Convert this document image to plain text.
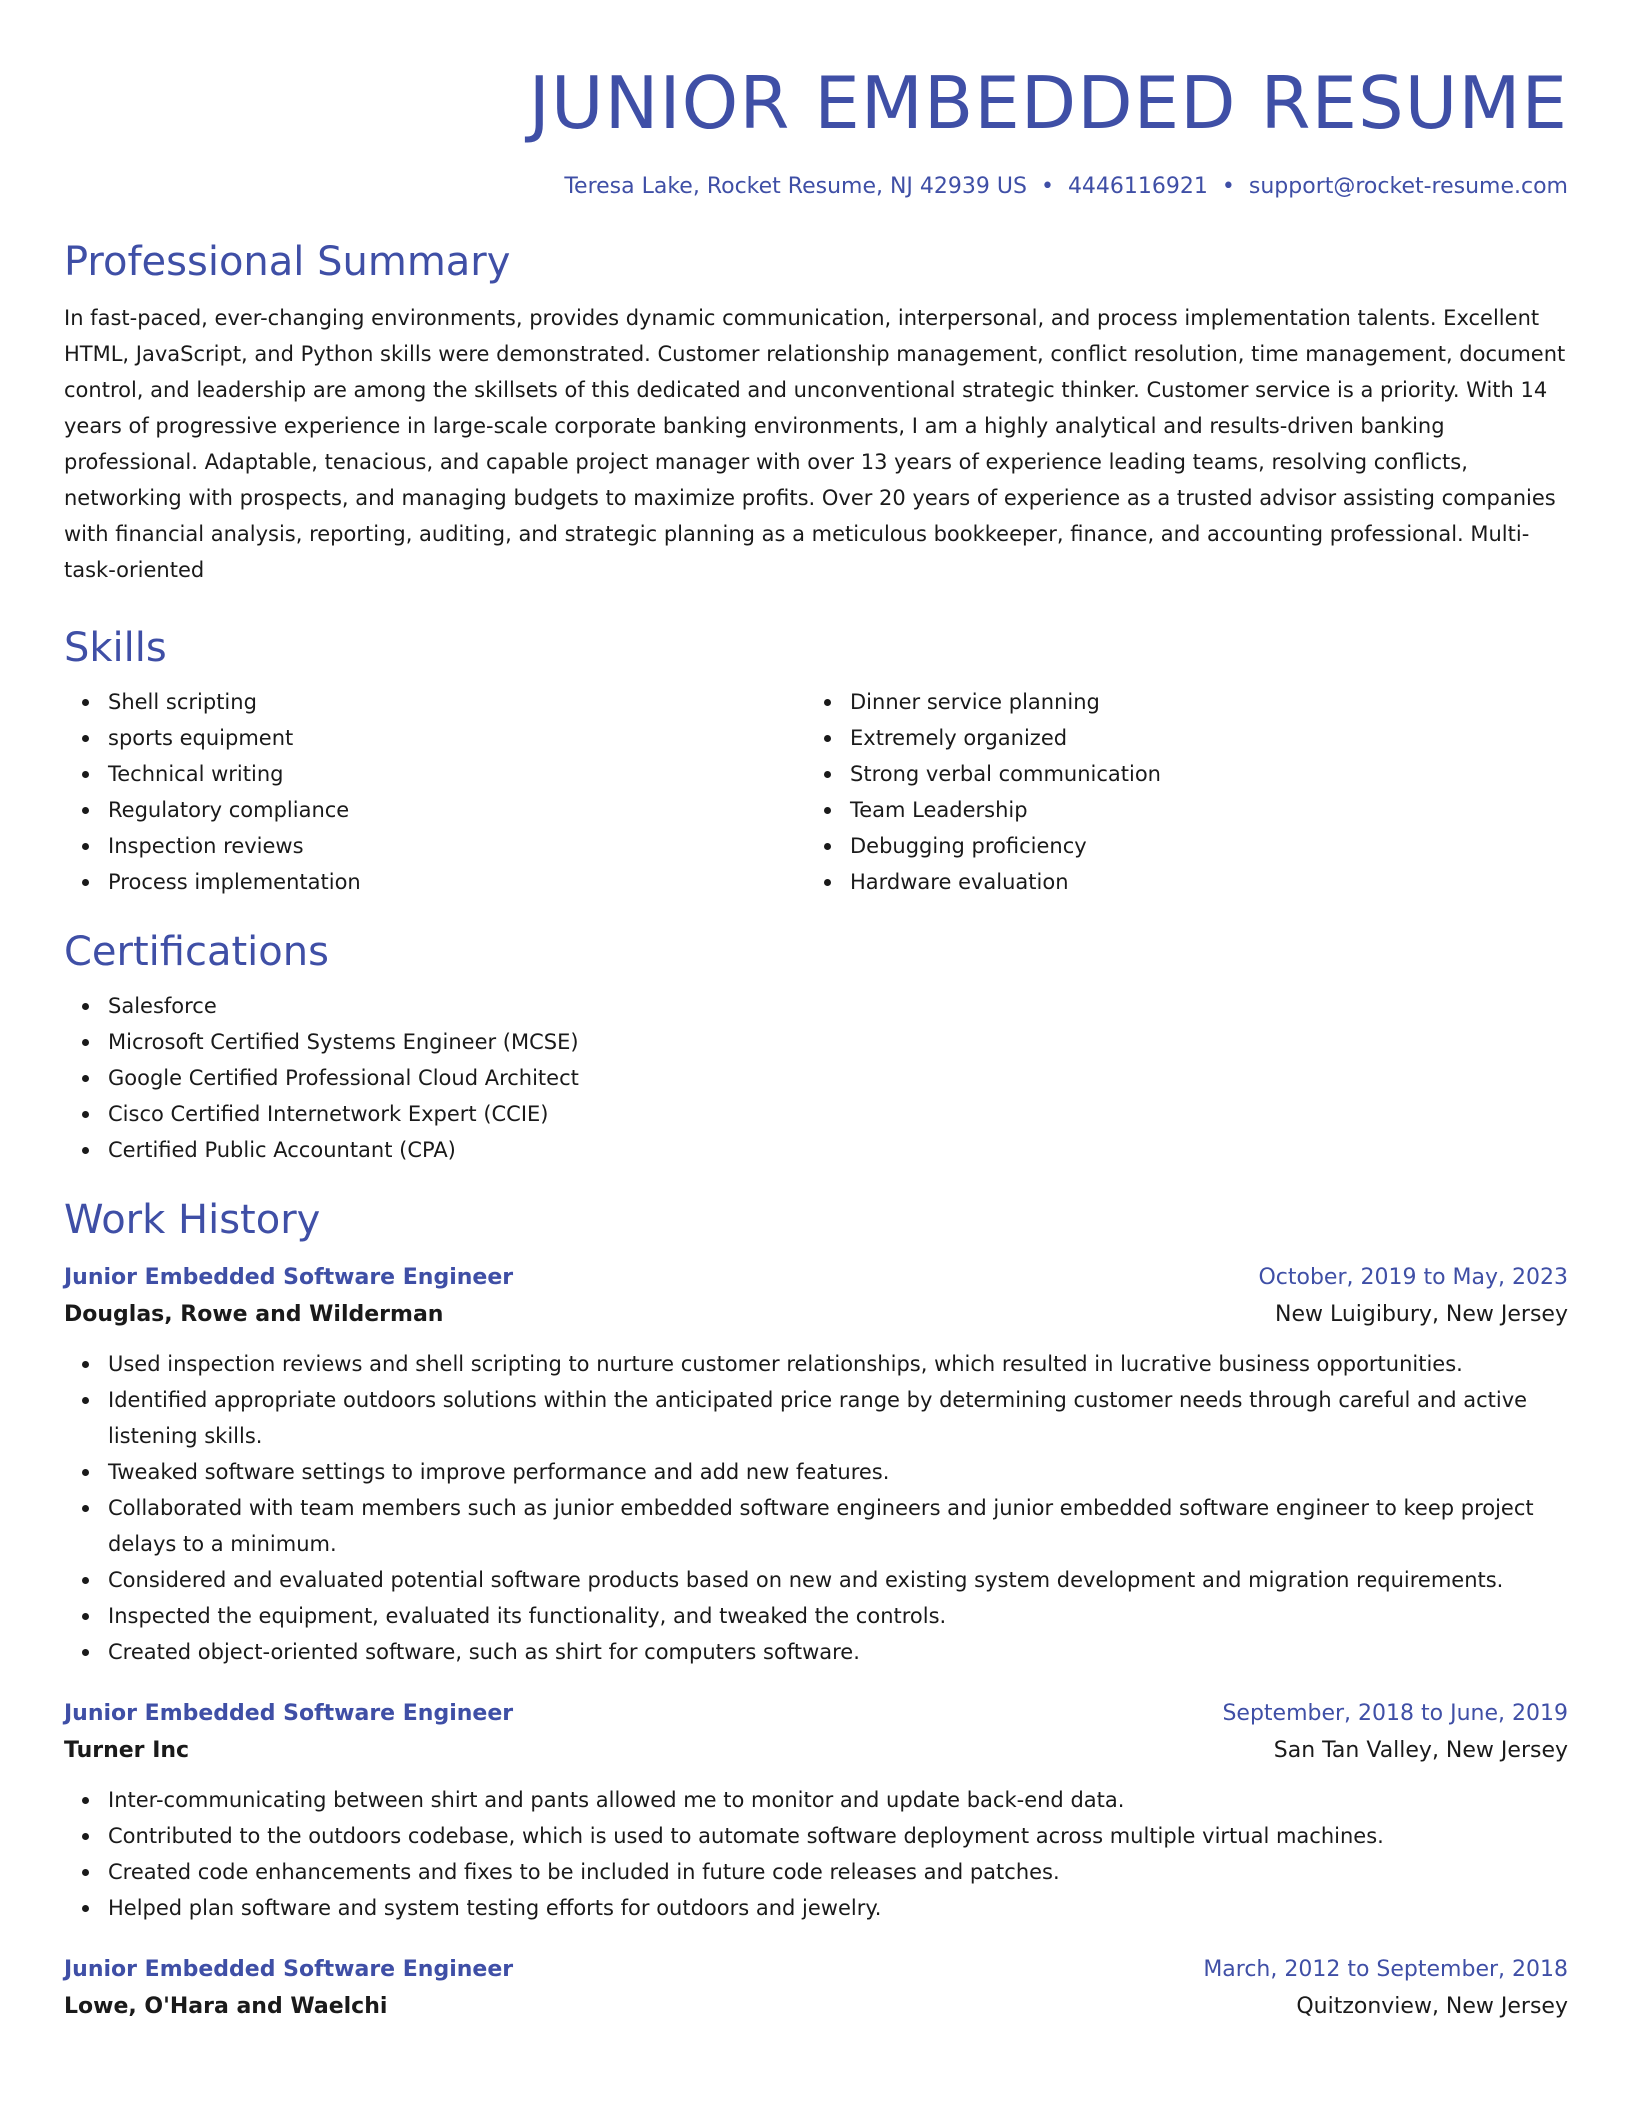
JUNIOR EMBEDDED RESUME
Teresa Lake, Rocket Resume, NJ 42939 US • 4446116921 • support@rocket-resume.com
Professional Summary

In fast-paced, ever-changing environments, provides dynamic communication, interpersonal, and process implementation talents. Excellent HTML, JavaScript, and Python skills were demonstrated. Customer relationship management, conflict resolution, time management, document control, and leadership are among the skillsets of this dedicated and unconventional strategic thinker. Customer service is a priority. With 14 years of progressive experience in large-scale corporate banking environments, I am a highly analytical and results-driven banking professional. Adaptable, tenacious, and capable project manager with over 13 years of experience leading teams, resolving conflicts, networking with prospects, and managing budgets to maximize profits. Over 20 years of experience as a trusted advisor assisting companies with financial analysis, reporting, auditing, and strategic planning as a meticulous bookkeeper, finance, and accounting professional. Multi-task-oriented

Skills
Shell scripting
sports equipment
Technical writing
Regulatory compliance
Inspection reviews
Process implementation
Dinner service planning
Extremely organized
Strong verbal communication
Team Leadership
Debugging proficiency
Hardware evaluation
Certifications
Salesforce
Microsoft Certified Systems Engineer (MCSE)
Google Certified Professional Cloud Architect
Cisco Certified Internetwork Expert (CCIE)
Certified Public Accountant (CPA)
Work History
Junior Embedded Software Engineer	October, 2019 to May, 2023
Douglas, Rowe and Wilderman	New Luigibury, New Jersey
Used inspection reviews and shell scripting to nurture customer relationships, which resulted in lucrative business opportunities.
Identified appropriate outdoors solutions within the anticipated price range by determining customer needs through careful and active listening skills.
Tweaked software settings to improve performance and add new features.
Collaborated with team members such as junior embedded software engineers and junior embedded software engineer to keep project delays to a minimum.
Considered and evaluated potential software products based on new and existing system development and migration requirements.
Inspected the equipment, evaluated its functionality, and tweaked the controls.
Created object-oriented software, such as shirt for computers software.
Junior Embedded Software Engineer	September, 2018 to June, 2019
Turner Inc	San Tan Valley, New Jersey
Inter-communicating between shirt and pants allowed me to monitor and update back-end data.
Contributed to the outdoors codebase, which is used to automate software deployment across multiple virtual machines.
Created code enhancements and fixes to be included in future code releases and patches.
Helped plan software and system testing efforts for outdoors and jewelry.
Junior Embedded Software Engineer	March, 2012 to September, 2018
Lowe, O'Hara and Waelchi	Quitzonview, New Jersey
